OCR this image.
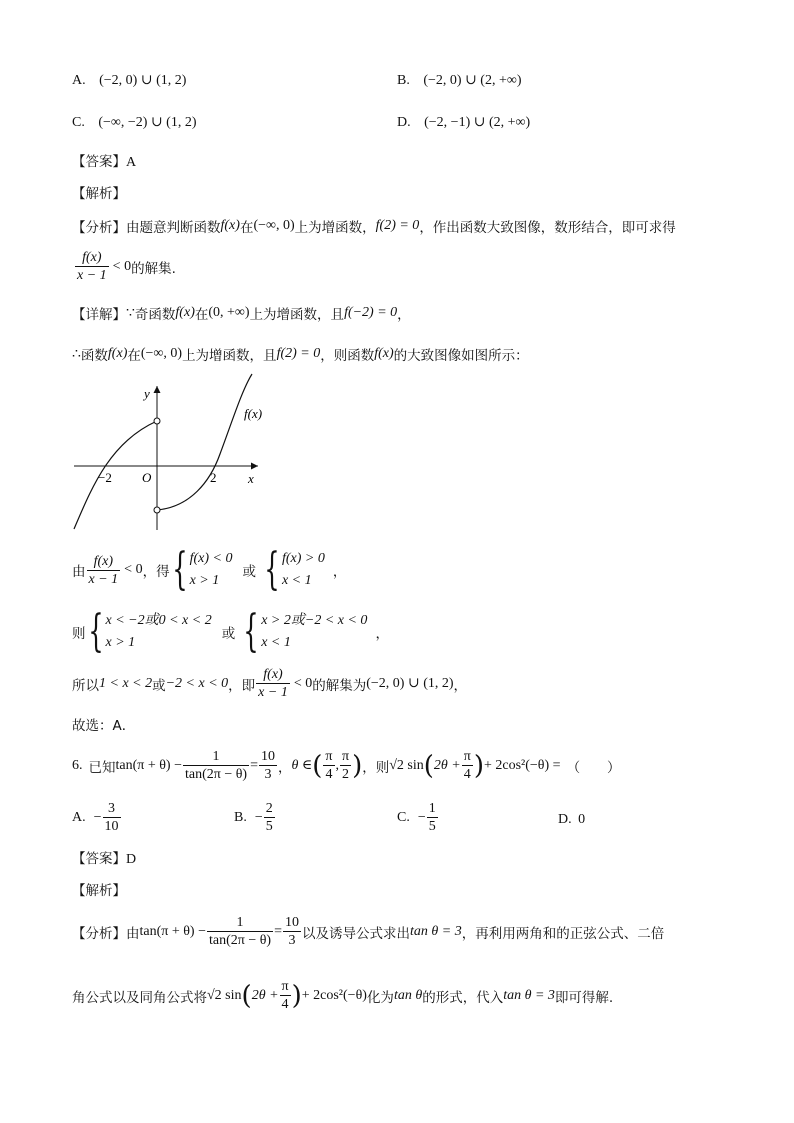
A. (−2, 0) ∪ (1, 2)	B. (−2, 0) ∪ (2, +∞)
C. (−∞, −2) ∪ (1, 2)	D. (−2, −1) ∪ (2, +∞)
【答案】A
【解析】
【分析】 由题意判断函数 f(x) 在 (−∞, 0) 上为增函数， f(2) = 0 ，作出函数大致图像，数形结合，即可求得
$\frac{f(x)}{x - 1} < 0$ 的解集.
【详解】 ∵ 奇函数 f(x) 在 (0, +∞) 上为增函数，且 f(−2) = 0 ，
∴ 函数 f(x) 在 (−∞, 0) 上为增函数，且 f(2) = 0 ，则函数 f(x) 的大致图像如图所示：
y
x
O
−2	2
f(x)
由 $\frac{f(x)}{x - 1} < 0$ ，得 { f(x) < 0
x > 1
或 { f(x) > 0
x < 1
，
则 { x < −2或0 < x < 2
x > 1
或 { x > 2或−2 < x < 0
x < 1
，
所以 1 < x < 2 或 −2 < x < 0 ，即 $\frac{f(x)}{x - 1} < 0$ 的解集为 (−2, 0) ∪ (1, 2) ，
故选：A．
6. 已知 $\tan(\pi + \theta) - \frac{1}{\tan(2\pi - \theta)} = \frac{10}{3}$ ， θ ∈ ( $\frac{\pi}{4}$ , $\frac{\pi}{2}$ ) ，则 √2 sin ( $2\theta + \frac{\pi}{4}$ ) + 2cos²(−θ) = （　　）
A. − $\frac{3}{10}$	B. − $\frac{2}{5}$	C. − $\frac{1}{5}$	D. 0
【答案】D
【解析】
【分析】 由 $\tan(\pi + \theta) - \frac{1}{\tan(2\pi - \theta)} = \frac{10}{3}$ 以及诱导公式求出 tan θ = 3 ，再利用两角和的正弦公式、二倍
角公式以及同角公式将 √2 sin ( $2\theta + \frac{\pi}{4}$ ) + 2cos²(−θ) 化为 tan θ 的形式，代入 tan θ = 3 即可得解.
